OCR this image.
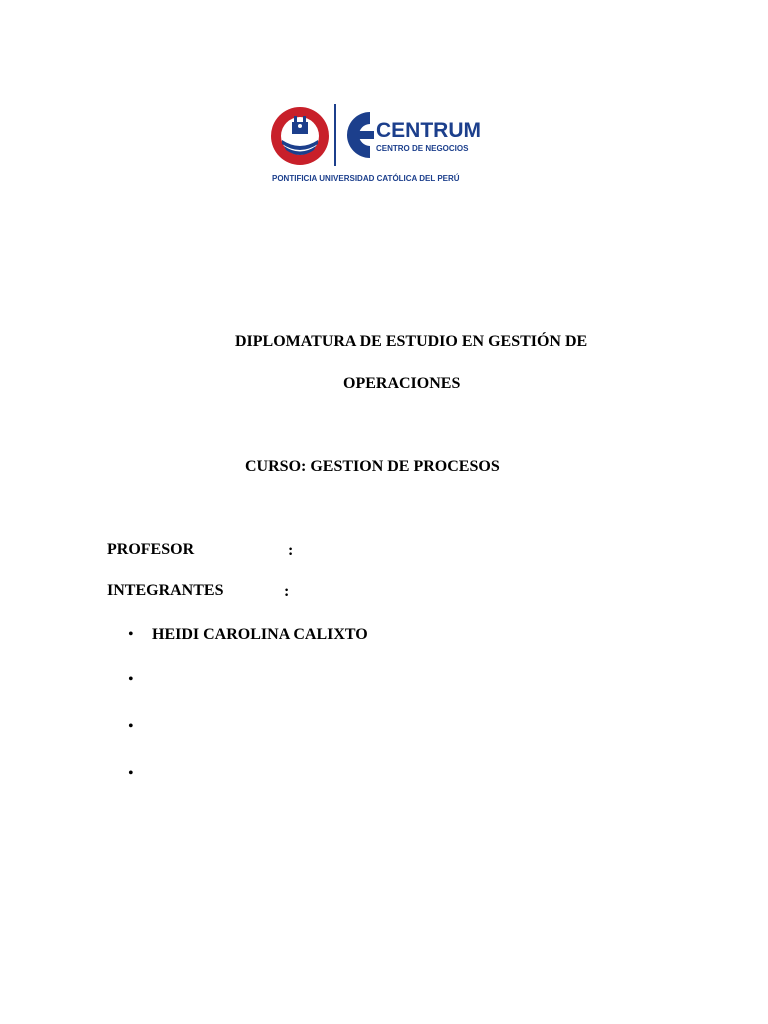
CENTRUM
CENTRO DE NEGOCIOS
PONTIFICIA UNIVERSIDAD CATÓLICA DEL PERÚ
DIPLOMATURA DE ESTUDIO EN GESTIÓN DE
OPERACIONES
CURSO: GESTION DE PROCESOS
PROFESOR	:
INTEGRANTES	:
• HEIDI CAROLINA CALIXTO
•
•
•
